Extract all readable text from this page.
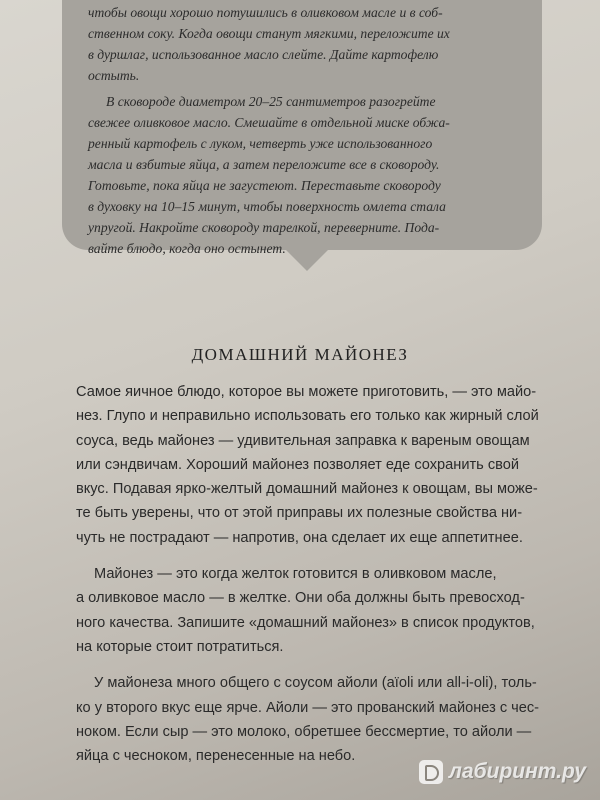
чтобы овощи хорошо потушились в оливковом масле и в соб-
ственном соку. Когда овощи станут мягкими, переложите их
в дуршлаг, использованное масло слейте. Дайте картофелю
остыть.

В сковороде диаметром 20–25 сантиметров разогрейте
свежее оливковое масло. Смешайте в отдельной миске обжа-
ренный картофель с луком, четверть уже использованного
масла и взбитые яйца, а затем переложите все в сковороду.
Готовьте, пока яйца не загустеют. Переставьте сковороду
в духовку на 10–15 минут, чтобы поверхность омлета стала
упругой. Накройте сковороду тарелкой, переверните. Пода-
вайте блюдо, когда оно остынет.

ДОМАШНИЙ МАЙОНЕЗ

Самое яичное блюдо, которое вы можете приготовить, — это майо-
нез. Глупо и неправильно использовать его только как жирный слой
соуса, ведь майонез — удивительная заправка к вареным овощам
или сэндвичам. Хороший майонез позволяет еде сохранить свой
вкус. Подавая ярко-желтый домашний майонез к овощам, вы може-
те быть уверены, что от этой приправы их полезные свойства ни-
чуть не пострадают — напротив, она сделает их еще аппетитнее.

Майонез — это когда желток готовится в оливковом масле,
а оливковое масло — в желтке. Они оба должны быть превосход-
ного качества. Запишите «домашний майонез» в список продуктов,
на которые стоит потратиться.

У майонеза много общего с соусом айоли (aïoli или all-i-oli), толь-
ко у второго вкус еще ярче. Айоли — это прованский майонез с чес-
ноком. Если сыр — это молоко, обретшее бессмертие, то айоли —
яйца с чесноком, перенесенные на небо.

лабиринт.ру
